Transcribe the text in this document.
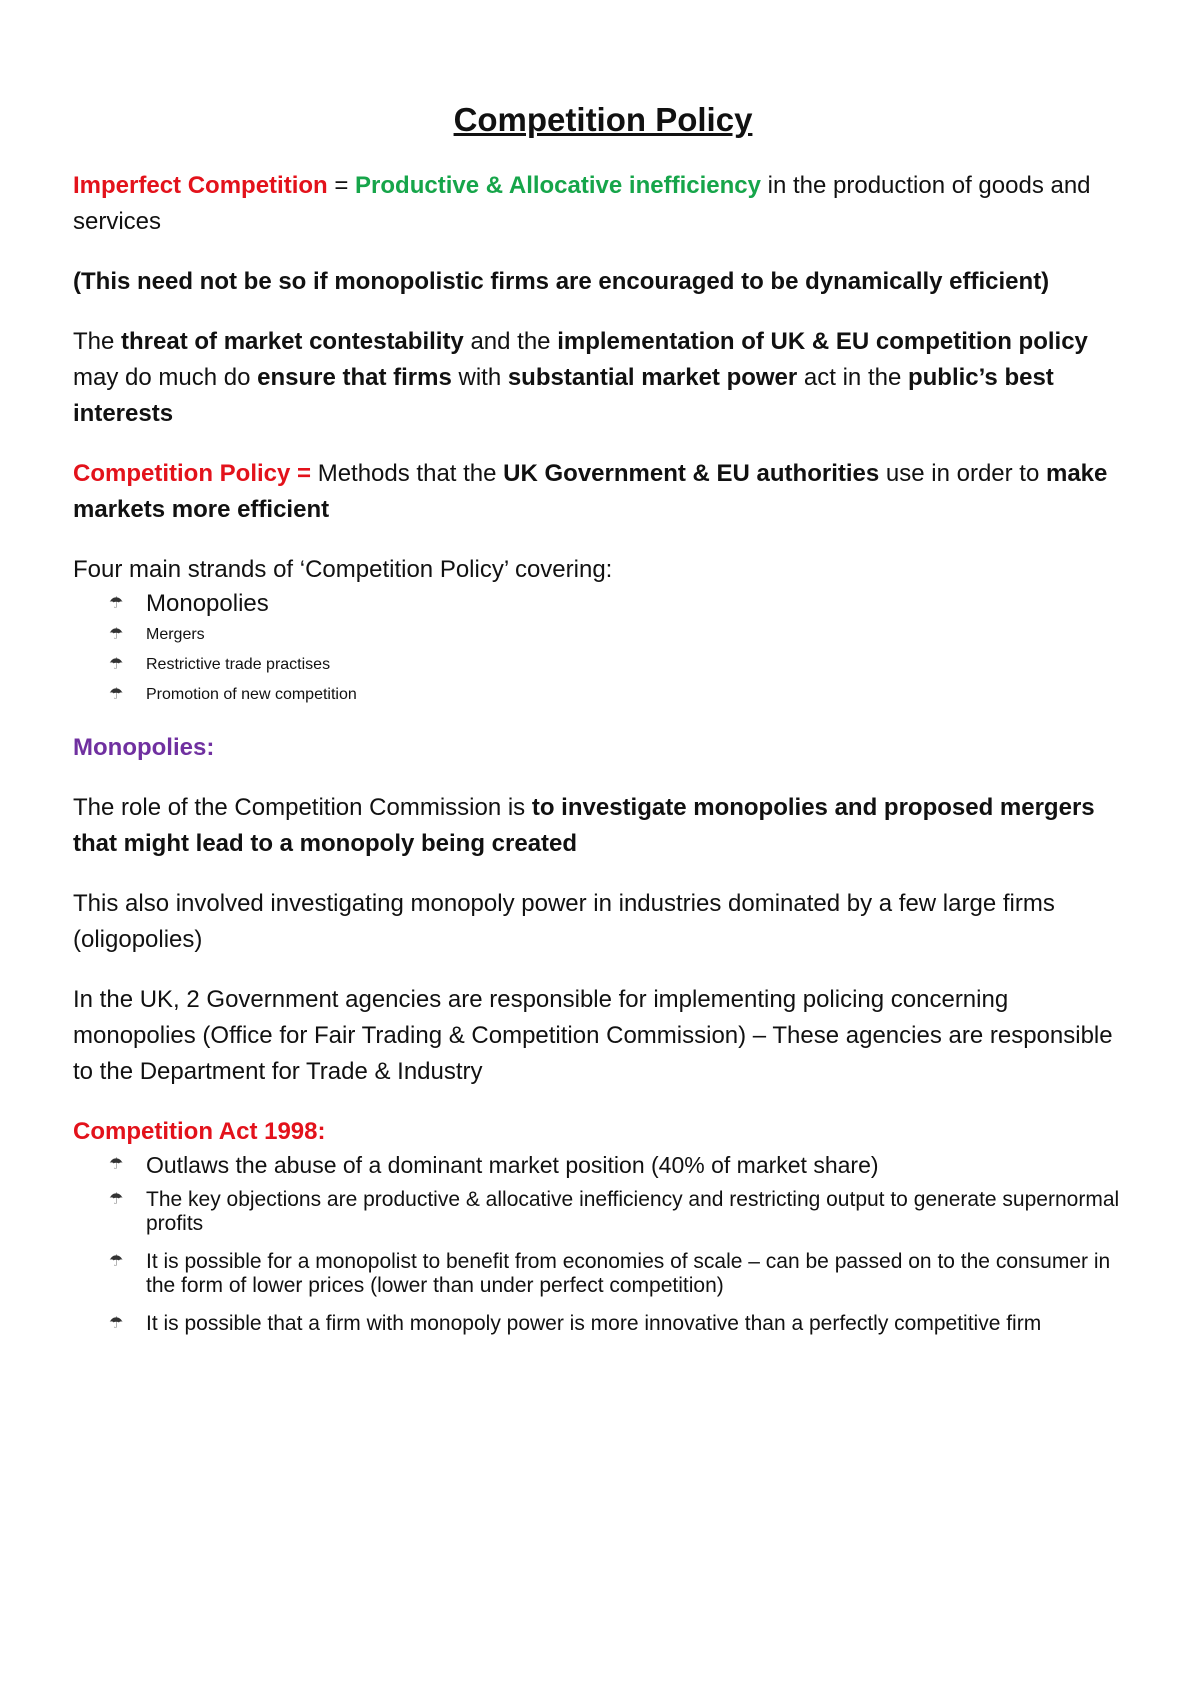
Competition Policy

Imperfect Competition = Productive & Allocative inefficiency in the production of goods and services

(This need not be so if monopolistic firms are encouraged to be dynamically efficient)

The threat of market contestability and the implementation of UK & EU competition policy may do much do ensure that firms with substantial market power act in the public’s best interests

Competition Policy = Methods that the UK Government & EU authorities use in order to make markets more efficient

Four main strands of ‘Competition Policy’ covering:
☂ Monopolies
☂ Mergers
☂ Restrictive trade practises
☂ Promotion of new competition

Monopolies:

The role of the Competition Commission is to investigate monopolies and proposed mergers that might lead to a monopoly being created

This also involved investigating monopoly power in industries dominated by a few large firms (oligopolies)

In the UK, 2 Government agencies are responsible for implementing policing concerning monopolies (Office for Fair Trading & Competition Commission) – These agencies are responsible to the Department for Trade & Industry

Competition Act 1998:
☂ Outlaws the abuse of a dominant market position (40% of market share)
☂ The key objections are productive & allocative inefficiency and restricting output to generate supernormal profits
☂ It is possible for a monopolist to benefit from economies of scale – can be passed on to the consumer in the form of lower prices (lower than under perfect competition)
☂ It is possible that a firm with monopoly power is more innovative than a perfectly competitive firm
